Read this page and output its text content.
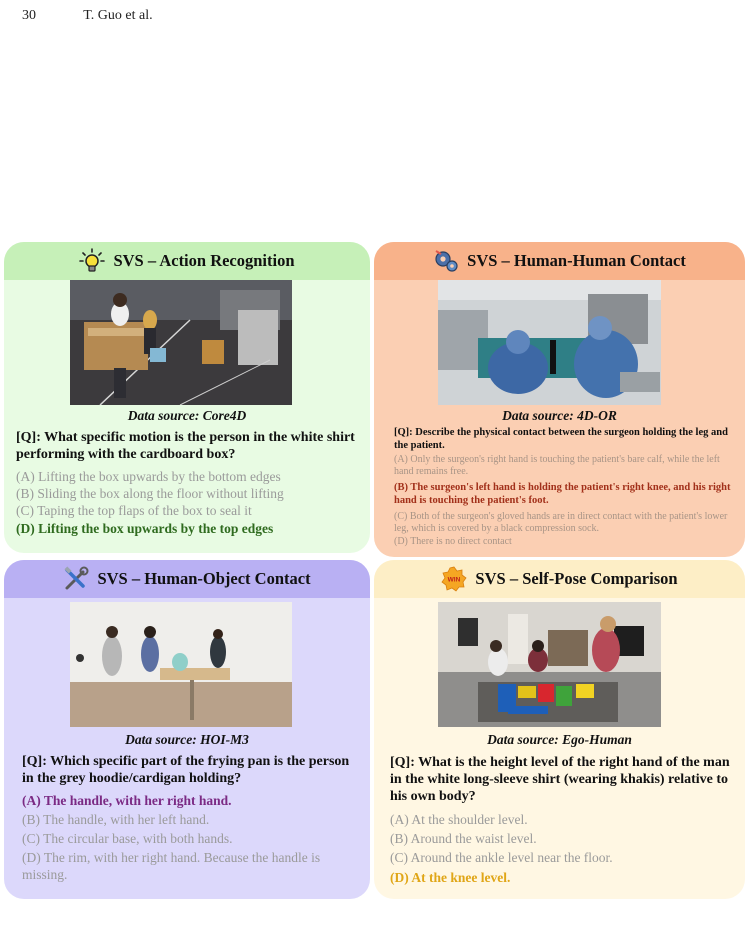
30	T. Guo et al.
SVS – Action Recognition
Data source: Core4D
[Q]: What specific motion is the person in the white shirt performing with the cardboard box?
(A) Lifting the box upwards by the bottom edges
(B) Sliding the box along the floor without lifting
(C) Taping the top flaps of the box to seal it
(D) Lifting the box upwards by the top edges
SVS – Human-Human Contact
Data source: 4D-OR
[Q]: Describe the physical contact between the surgeon holding the leg and the patient.
(A) Only the surgeon's right hand is touching the patient's bare calf, while the left hand remains free.
(B) The surgeon's left hand is holding the patient's right knee, and his right hand is touching the patient's foot.
(C) Both of the surgeon's gloved hands are in direct contact with the patient's lower leg, which is covered by a black compression sock.
(D) There is no direct contact
SVS – Human-Object Contact
Data source: HOI-M3
[Q]: Which specific part of the frying pan is the person in the grey hoodie/cardigan holding?
(A) The handle, with her right hand.
(B) The handle, with her left hand.
(C) The circular base, with both hands.
(D) The rim, with her right hand. Because the handle is missing.
WIN SVS – Self-Pose Comparison
Data source: Ego-Human
[Q]: What is the height level of the right hand of the man in the white long-sleeve shirt (wearing khakis) relative to his own body?
(A) At the shoulder level.
(B) Around the waist level.
(C) Around the ankle level near the floor.
(D) At the knee level.
